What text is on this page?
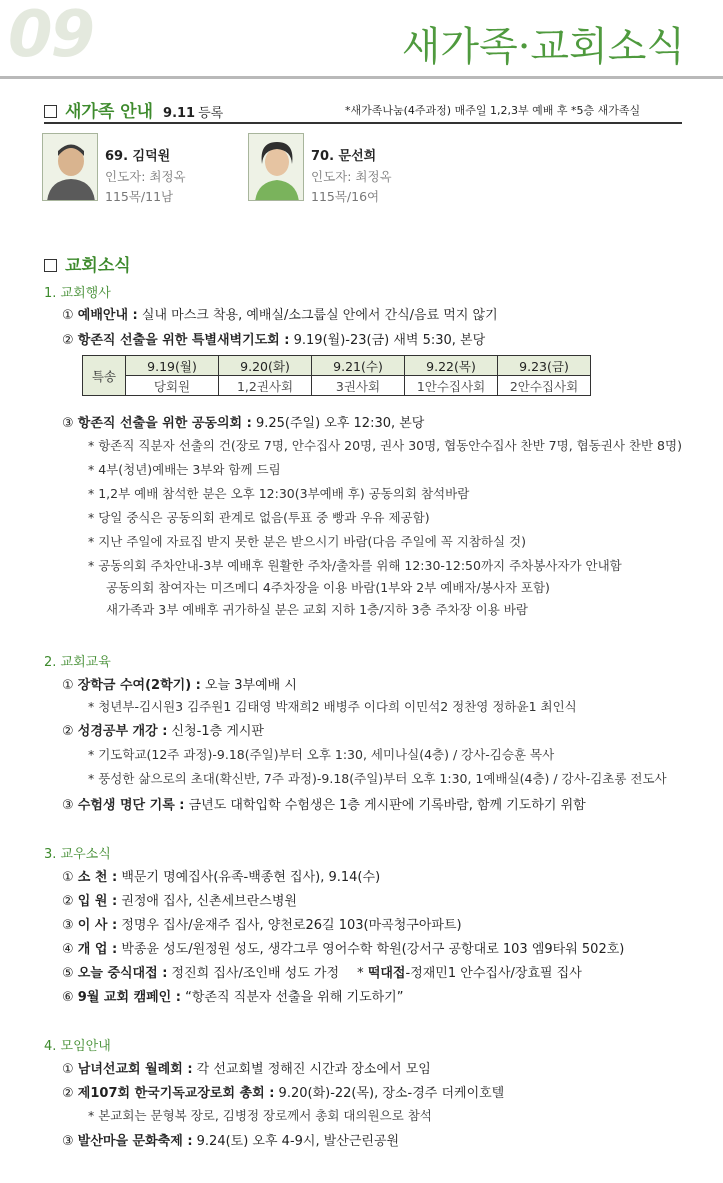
09	새가족·교회소식
새가족 안내 9.11 등록	*새가족나눔(4주과정) 매주일 1,2,3부 예배 후 *5층 새가족실
69. 김덕원
인도자: 최정옥
115목/11남
70. 문선희
인도자: 최정옥
115목/16여
교회소식
1. 교회행사
① 예배안내 : 실내 마스크 착용, 예배실/소그룹실 안에서 간식/음료 먹지 않기
② 항존직 선출을 위한 특별새벽기도회 : 9.19(월)-23(금) 새벽 5:30, 본당
특송	9.19(월)	9.20(화)	9.21(수)	9.22(목)	9.23(금)
	당회원	1,2권사회	3권사회	1안수집사회	2안수집사회
③ 항존직 선출을 위한 공동의회 : 9.25(주일) 오후 12:30, 본당
* 항존직 직분자 선출의 건(장로 7명, 안수집사 20명, 권사 30명, 협동안수집사 찬반 7명, 협동권사 찬반 8명)
* 4부(청년)예배는 3부와 함께 드림
* 1,2부 예배 참석한 분은 오후 12:30(3부예배 후) 공동의회 참석바람
* 당일 중식은 공동의회 관계로 없음(투표 중 빵과 우유 제공함)
* 지난 주일에 자료집 받지 못한 분은 받으시기 바람(다음 주일에 꼭 지참하실 것)
* 공동의회 주차안내-3부 예배후 원활한 주차/출차를 위해 12:30-12:50까지 주차봉사자가 안내함
공동의회 참여자는 미즈메디 4주차장을 이용 바람(1부와 2부 예배자/봉사자 포함)
새가족과 3부 예배후 귀가하실 분은 교회 지하 1층/지하 3층 주차장 이용 바람
2. 교회교육
① 장학금 수여(2학기) : 오늘 3부예배 시
* 청년부-김시원3 김주원1 김태영 박재희2 배병주 이다희 이민석2 정찬영 정하윤1 최인식
② 성경공부 개강 : 신청-1층 게시판
* 기도학교(12주 과정)-9.18(주일)부터 오후 1:30, 세미나실(4층) / 강사-김승훈 목사
* 풍성한 삶으로의 초대(확신반, 7주 과정)-9.18(주일)부터 오후 1:30, 1예배실(4층) / 강사-김초롱 전도사
③ 수험생 명단 기록 : 금년도 대학입학 수험생은 1층 게시판에 기록바람, 함께 기도하기 위함
3. 교우소식
① 소 천 : 백문기 명예집사(유족-백종현 집사), 9.14(수)
② 입 원 : 권정애 집사, 신촌세브란스병원
③ 이 사 : 정명우 집사/윤재주 집사, 양천로26길 103(마곡청구아파트)
④ 개 업 : 박종윤 성도/원정원 성도, 생각그루 영어수학 학원(강서구 공항대로 103 엠9타워 502호)
⑤ 오늘 중식대접 : 정진희 집사/조인배 성도 가정 * 떡대접-정재민1 안수집사/장효필 집사
⑥ 9월 교회 캠페인 : “항존직 직분자 선출을 위해 기도하기”
4. 모임안내
① 남녀선교회 월례회 : 각 선교회별 정해진 시간과 장소에서 모임
② 제107회 한국기독교장로회 총회 : 9.20(화)-22(목), 장소-경주 더케이호텔
* 본교회는 문형복 장로, 김병정 장로께서 총회 대의원으로 참석
③ 발산마을 문화축제 : 9.24(토) 오후 4-9시, 발산근린공원
